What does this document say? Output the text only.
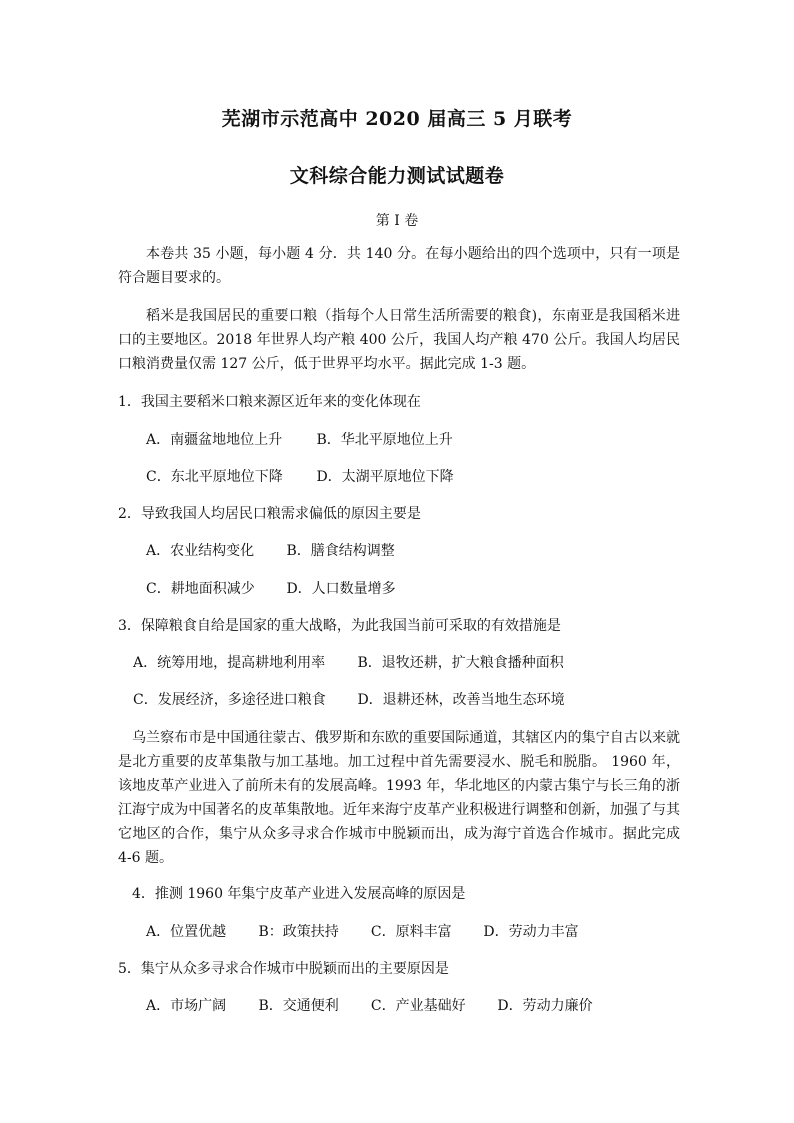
芜湖市示范高中 2020 届高三 5 月联考
文科综合能力测试试题卷
第 I 卷
本卷共 35 小题，每小题 4 分．共 140 分。在每小题给出的四个选项中，只有一项是符合题目要求的。
稻米是我国居民的重要口粮（指每个人日常生活所需要的粮食)，东南亚是我国稻米进口的主要地区。2018 年世界人均产粮 400 公斤，我国人均产粮 470 公斤。我国人均居民口粮消费量仅需 127 公斤，低于世界平均水平。据此完成 1-3 题。
1．我国主要稻米口粮来源区近年来的变化体现在
A．南疆盆地地位上升 B．华北平原地位上升
C．东北平原地位下降 D．太湖平原地位下降
2．导致我国人均居民口粮需求偏低的原因主要是
A．农业结构变化 B．膳食结构调整
C．耕地面积减少 D．人口数量增多
3．保障粮食自给是国家的重大战略，为此我国当前可采取的有效措施是
A．统筹用地，提高耕地利用率 B．退牧还耕，扩大粮食播种面积
C．发展经济，多途径进口粮食 D．退耕还林，改善当地生态环境
乌兰察布市是中国通往蒙古、俄罗斯和东欧的重要国际通道，其辖区内的集宁自古以来就是北方重要的皮革集散与加工基地。加工过程中首先需要浸水、脱毛和脱脂。 1960 年，该地皮革产业进入了前所未有的发展高峰。1993 年，华北地区的内蒙古集宁与长三角的浙江海宁成为中国著名的皮革集散地。近年来海宁皮革产业积极进行调整和创新，加强了与其它地区的合作，集宁从众多寻求合作城市中脱颖而出，成为海宁首选合作城市。据此完成 4-6 题。
4．推测 1960 年集宁皮革产业进入发展高峰的原因是
A．位置优越 B：政策扶持 C．原料丰富 D．劳动力丰富
5．集宁从众多寻求合作城市中脱颖而出的主要原因是
A．市场广阔 B．交通便利 C．产业基础好 D．劳动力廉价
